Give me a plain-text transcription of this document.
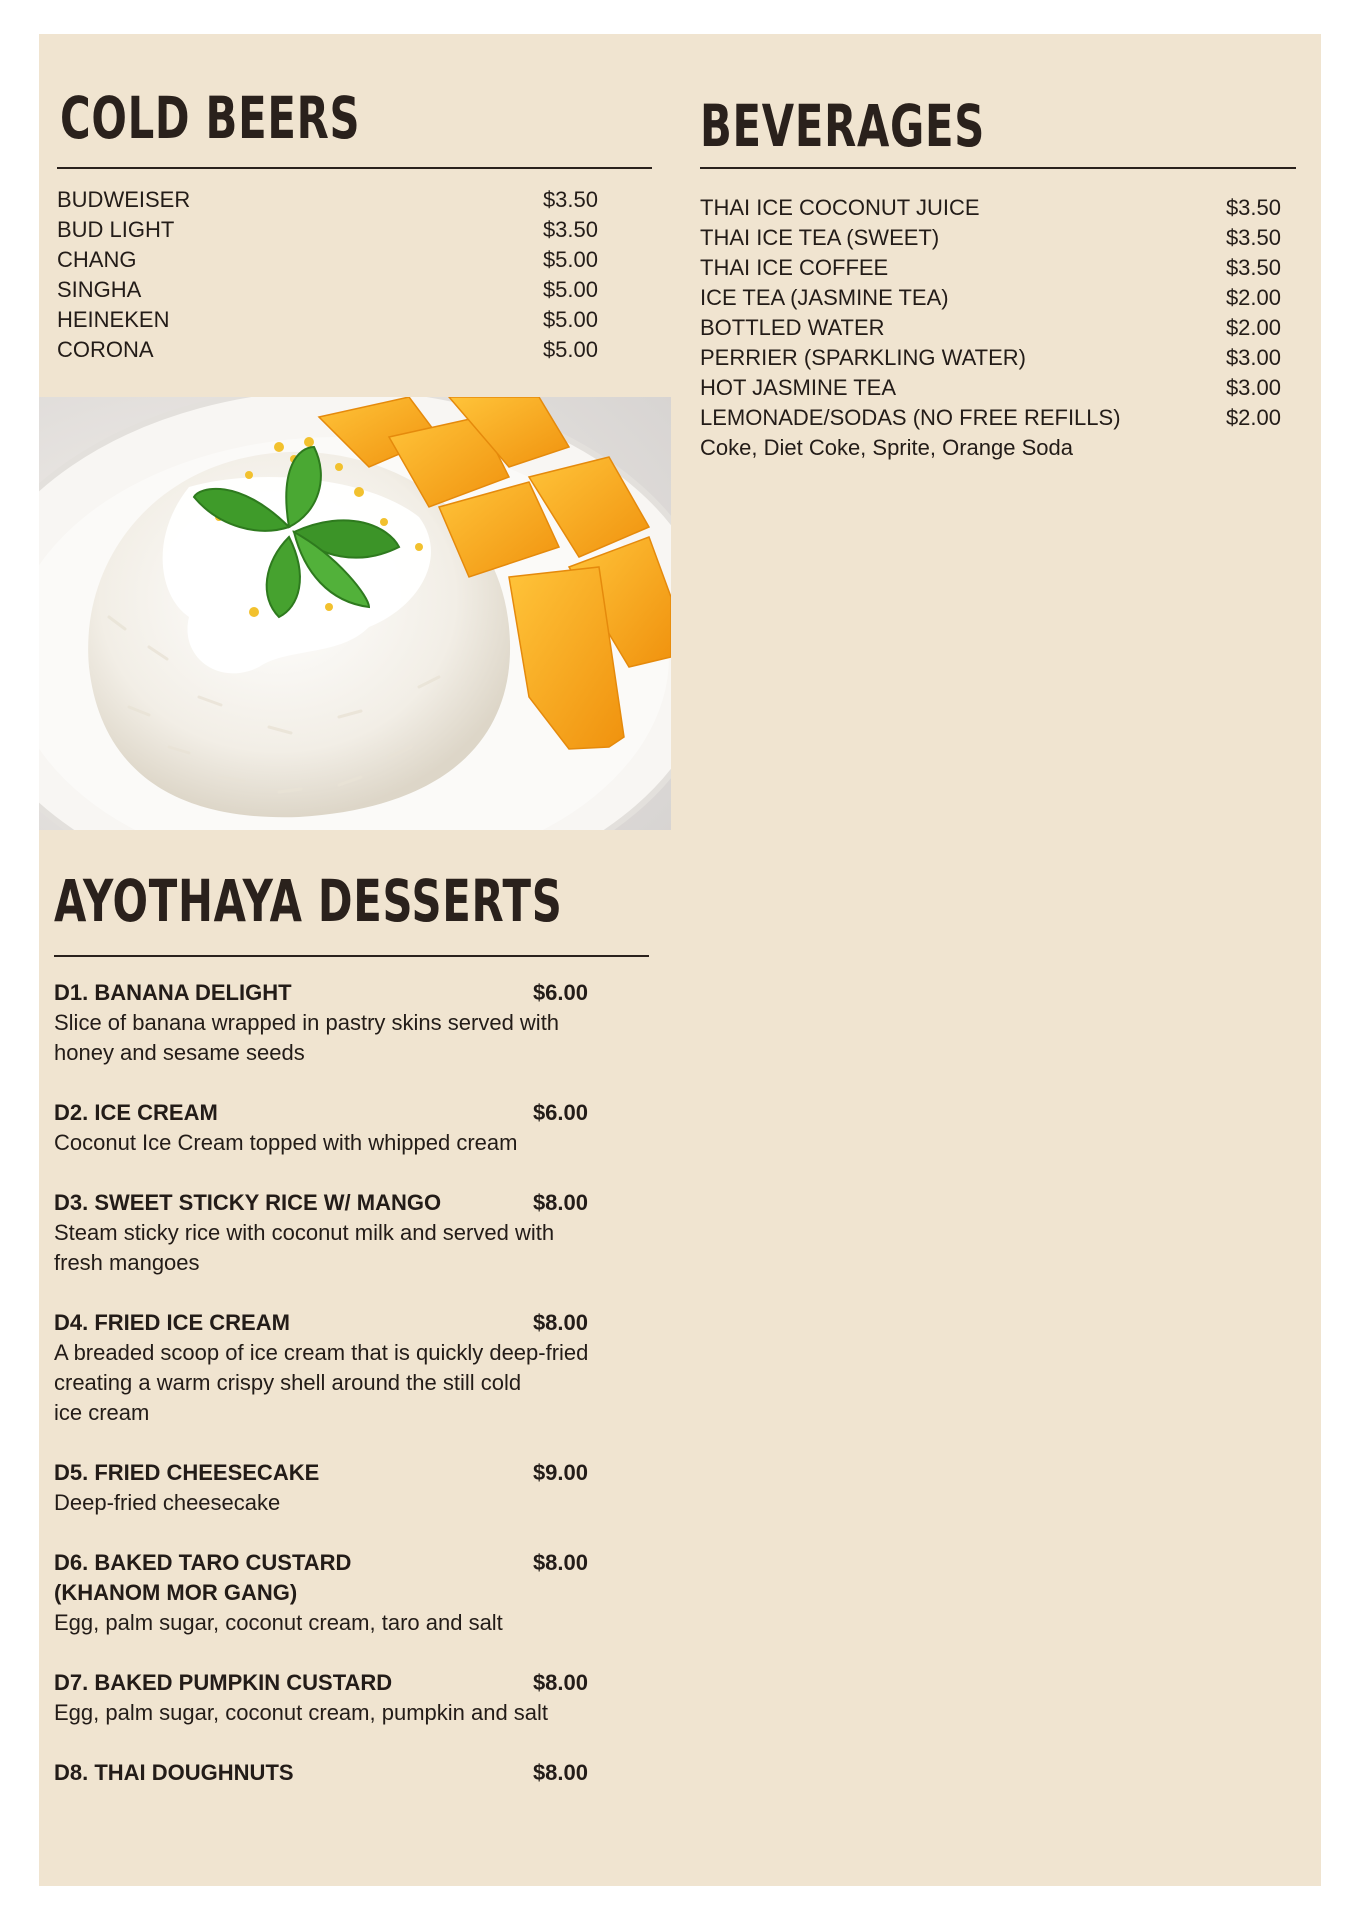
COLD BEERS
BUDWEISER	$3.50
BUD LIGHT	$3.50
CHANG	$5.00
SINGHA	$5.00
HEINEKEN	$5.00
CORONA	$5.00
BEVERAGES
THAI ICE COCONUT JUICE	$3.50
THAI ICE TEA (SWEET)	$3.50
THAI ICE COFFEE	$3.50
ICE TEA (JASMINE TEA)	$2.00
BOTTLED WATER	$2.00
PERRIER (SPARKLING WATER)	$3.00
HOT JASMINE TEA	$3.00
LEMONADE/SODAS (NO FREE REFILLS)	$2.00
Coke, Diet Coke, Sprite, Orange Soda
AYOTHAYA DESSERTS
D1. BANANA DELIGHT	$6.00
Slice of banana wrapped in pastry skins served with
honey and sesame seeds
D2. ICE CREAM	$6.00
Coconut Ice Cream topped with whipped cream
D3. SWEET STICKY RICE W/ MANGO	$8.00
Steam sticky rice with coconut milk and served with
fresh mangoes
D4. FRIED ICE CREAM	$8.00
A breaded scoop of ice cream that is quickly deep-fried
creating a warm crispy shell around the still cold
ice cream
D5. FRIED CHEESECAKE	$9.00
Deep-fried cheesecake
D6. BAKED TARO CUSTARD	$8.00
(KHANOM MOR GANG)
Egg, palm sugar, coconut cream, taro and salt
D7. BAKED PUMPKIN CUSTARD	$8.00
Egg, palm sugar, coconut cream, pumpkin and salt
D8. THAI DOUGHNUTS	$8.00
